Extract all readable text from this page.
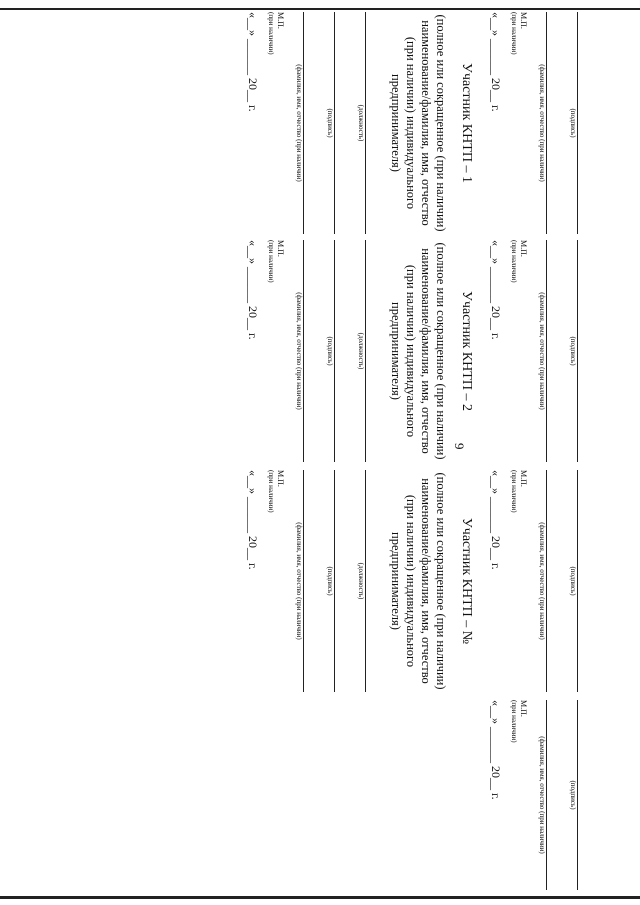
9
(подпись)
(фамилия, имя, отчество (при наличии)
М.П.
(при наличии)
«__» ______ 20__ г.
Участник КНТП – 1
(полное или сокращенное (при наличии) наименование/фамилия, имя, отчество (при наличии) индивидуального предпринимателя)
(должность)
(подпись)
(фамилия, имя, отчество (при наличии)
М.П.
(при наличии)
«__» ______ 20__ г.
(подпись)
(фамилия, имя, отчество (при наличии)
М.П.
(при наличии)
«__» ______ 20__ г.
Участник КНТП – 2
(полное или сокращенное (при наличии) наименование/фамилия, имя, отчество (при наличии) индивидуального предпринимателя)
(должность)
(подпись)
(фамилия, имя, отчество (при наличии)
М.П.
(при наличии)
«__» ______ 20__ г.
(подпись)
(фамилия, имя, отчество (при наличии)
М.П.
(при наличии)
«__» ______ 20__ г.
Участник КНТП – №
(полное или сокращенное (при наличии) наименование/фамилия, имя, отчество (при наличии) индивидуального предпринимателя)
(должность)
(подпись)
(фамилия, имя, отчество (при наличии)
М.П.
(при наличии)
«__» ______ 20__ г.
(подпись)
(фамилия, имя, отчество (при наличии)
М.П.
(при наличии)
«__» ______ 20__ г.
